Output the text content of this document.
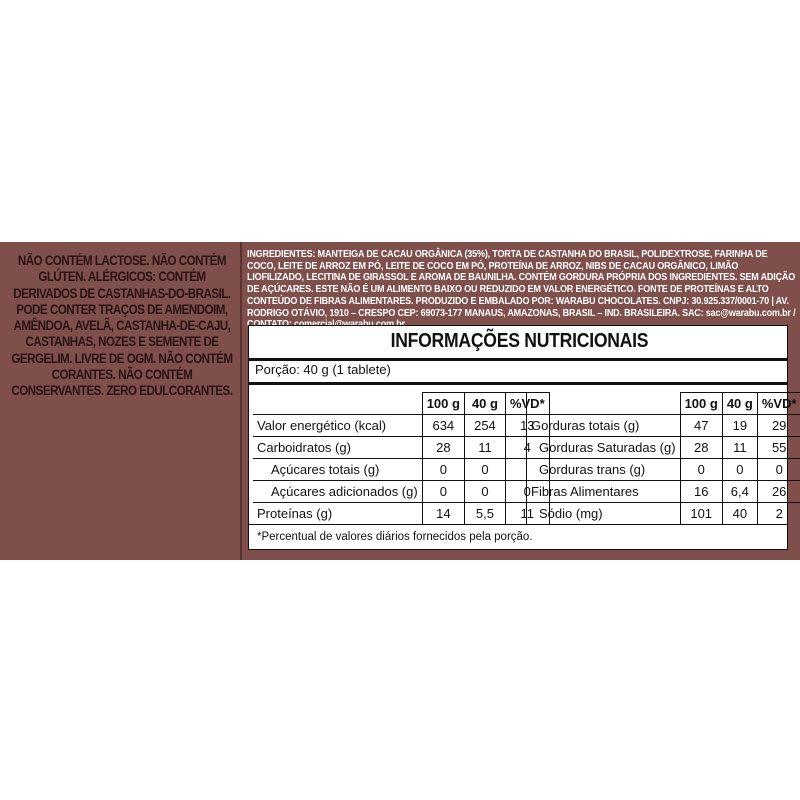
NÃO CONTÉM LACTOSE. NÃO CONTÉM GLÚTEN. ALÉRGICOS: CONTÉM DERIVADOS DE CASTANHAS-DO-BRASIL. PODE CONTER TRAÇOS DE AMENDOIM, AMÊNDOA, AVELÃ, CASTANHA-DE-CAJU, CASTANHAS, NOZES E SEMENTE DE GERGELIM. LIVRE DE OGM. NÃO CONTÉM CORANTES. NÃO CONTÉM CONSERVANTES. ZERO EDULCORANTES.
INGREDIENTES: MANTEIGA DE CACAU ORGÂNICA (35%), TORTA DE CASTANHA DO BRASIL, POLIDEXTROSE, FARINHA DE COCO, LEITE DE ARROZ EM PÓ, LEITE DE COCO EM PÓ, PROTEÍNA DE ARROZ, NIBS DE CACAU ORGÂNICO, LIMÃO LIOFILIZADO, LECITINA DE GIRASSOL E AROMA DE BAUNILHA. CONTÉM GORDURA PRÓPRIA DOS INGREDIENTES. SEM ADIÇÃO DE AÇÚCARES. ESTE NÃO É UM ALIMENTO BAIXO OU REDUZIDO EM VALOR ENERGÉTICO. FONTE DE PROTEÍNAS E ALTO CONTEÚDO DE FIBRAS ALIMENTARES. PRODUZIDO E EMBALADO POR: WARABU CHOCOLATES. CNPJ: 30.925.337/0001-70 | AV. RODRIGO OTÁVIO, 1910 – CRESPO CEP: 69073-177 MANAUS, AMAZONAS, BRASIL – IND. BRASILEIRA. SAC: sac@warabu.com.br /
INFORMAÇÕES NUTRICIONAIS
Porção: 40 g (1 tablete)
	100 g	40 g	%VD*
Valor energético (kcal)	634	254	13
Carboidratos (g)	28	11	4
Açúcares totais (g)	0	0	
Açúcares adicionados (g)	0	0	0
Proteínas (g)	14	5,5	11
	100 g	40 g	%VD*
Gorduras totais (g)	47	19	29
Gorduras Saturadas (g)	28	11	55
Gorduras trans (g)	0	0	0
Fibras Alimentares	16	6,4	26
Sódio (mg)	101	40	2
*Percentual de valores diários fornecidos pela porção.
